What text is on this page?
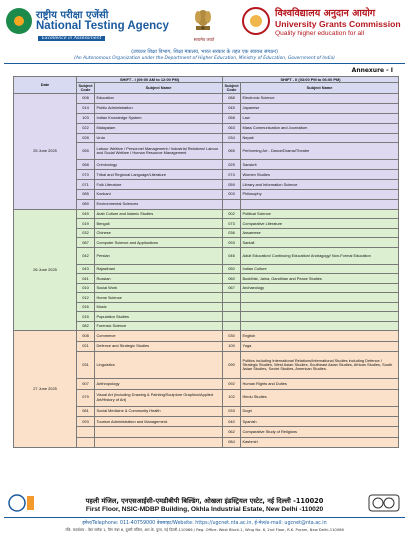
राष्ट्रीय परीक्षा एजेंसी
National Testing Agency
Excellence in Assessment	सत्यमेव जयते
विश्वविद्यालय अनुदान आयोग
University Grants Commission
Quality higher education for all
(उच्चतर शिक्षा विभाग, शिक्षा मंत्रालय, भारत सरकार के तहत एक स्वायत्त संगठन)
(An Autonomous Organization under the Department of Higher Education, Ministry of Education, Government of India)
Annexure - I
Date	SHIFT - I (09:00 AM to 12:00 PM)		SHIFT - II (03:00 PM to 06:00 PM)	
	Subject Code	Subject Name	Subject Code	Subject Name
25 June 2025	008	Education	088	Electronic Science
	014	Public Administration	045	Japanese
	103	Indian Knowledge System	058	Law
	022	Malayalam	063	Mass Communication and Journalism
	028	Urdu	034	Nepali
	055	Labour Welfare / Personnel Management / Industrial Relations/ Labour and Social Welfare / Human Resource Management	065	Performing Art - Dance/Drama/Theatre
	068	Criminology	025	Sanskrit
	070	Tribal and Regional Language/Literature	074	Women Studies
	071	Folk Literature	059	Library and Information Science
	085	Konkani	003	Philosophy
	089	Environmental Sciences		
26 June 2025	049	Arab Culture and Islamic Studies	002	Political Science
	019	Bengali	073	Comparative Literature
	032	Chinese	036	Assamese
	087	Computer Science and Applications	093	Santali
	042	Persian	046	Adult Education/ Continuing Education/ Andragogy/ Non-Formal Education
	043	Rajasthani	050	Indian Culture
	041	Russian	060	Buddhist, Jaina, Gandhian and Peace Studies
	010	Social Work	067	Archaeology
	012	Home Science		
	016	Music		
	015	Population Studies		
	082	Forensic Science		
27 June 2025	008	Commerce	030	English
	021	Defence and Strategic Studies	100	Yoga
	031	Linguistics	090	Politics including International Relations/International Studies including Defence / Strategic Studies, West Asian Studies, Southeast Asian Studies, African Studies, South Asian Studies, Soviet Studies, American Studies.
	007	Anthropology	092	Human Rights and Duties
	079	Visual Art (including Drawing & Painting/Sculpture Graphics/Applied Art/History of Art)	102	Hindu Studies
	081	Social Medicine & Community Health	033	Dogri
	093	Tourism Administration and Management.	040	Spanish
			062	Comparative Study of Religions
			084	Kashmiri
पहली मंजिल, एनएसआईसी-एमडीबीपी बिल्डिंग, ओखला इंडस्ट्रियल एस्टेट, नई दिल्ली -110020
First Floor, NSIC-MDBP Building, Okhla Industrial Estate, New Delhi -110020
इमेल/Telephone: 011-40759000 वेबसाइट/Website: https://ugcnet.nta.ac.in, ई-मेल/e-mail: ugcnet@nta.ac.in
रजि. कार्यालय : वेस्ट ब्लॉक 1, विंग नंबर 6, दूसरी मंजिल, आर.के. पुरम, नई दिल्ली-110066 / Reg. Office: West Block-1, Wing No. 6, 2nd Floor, R.K. Puram, New Delhi-110066
